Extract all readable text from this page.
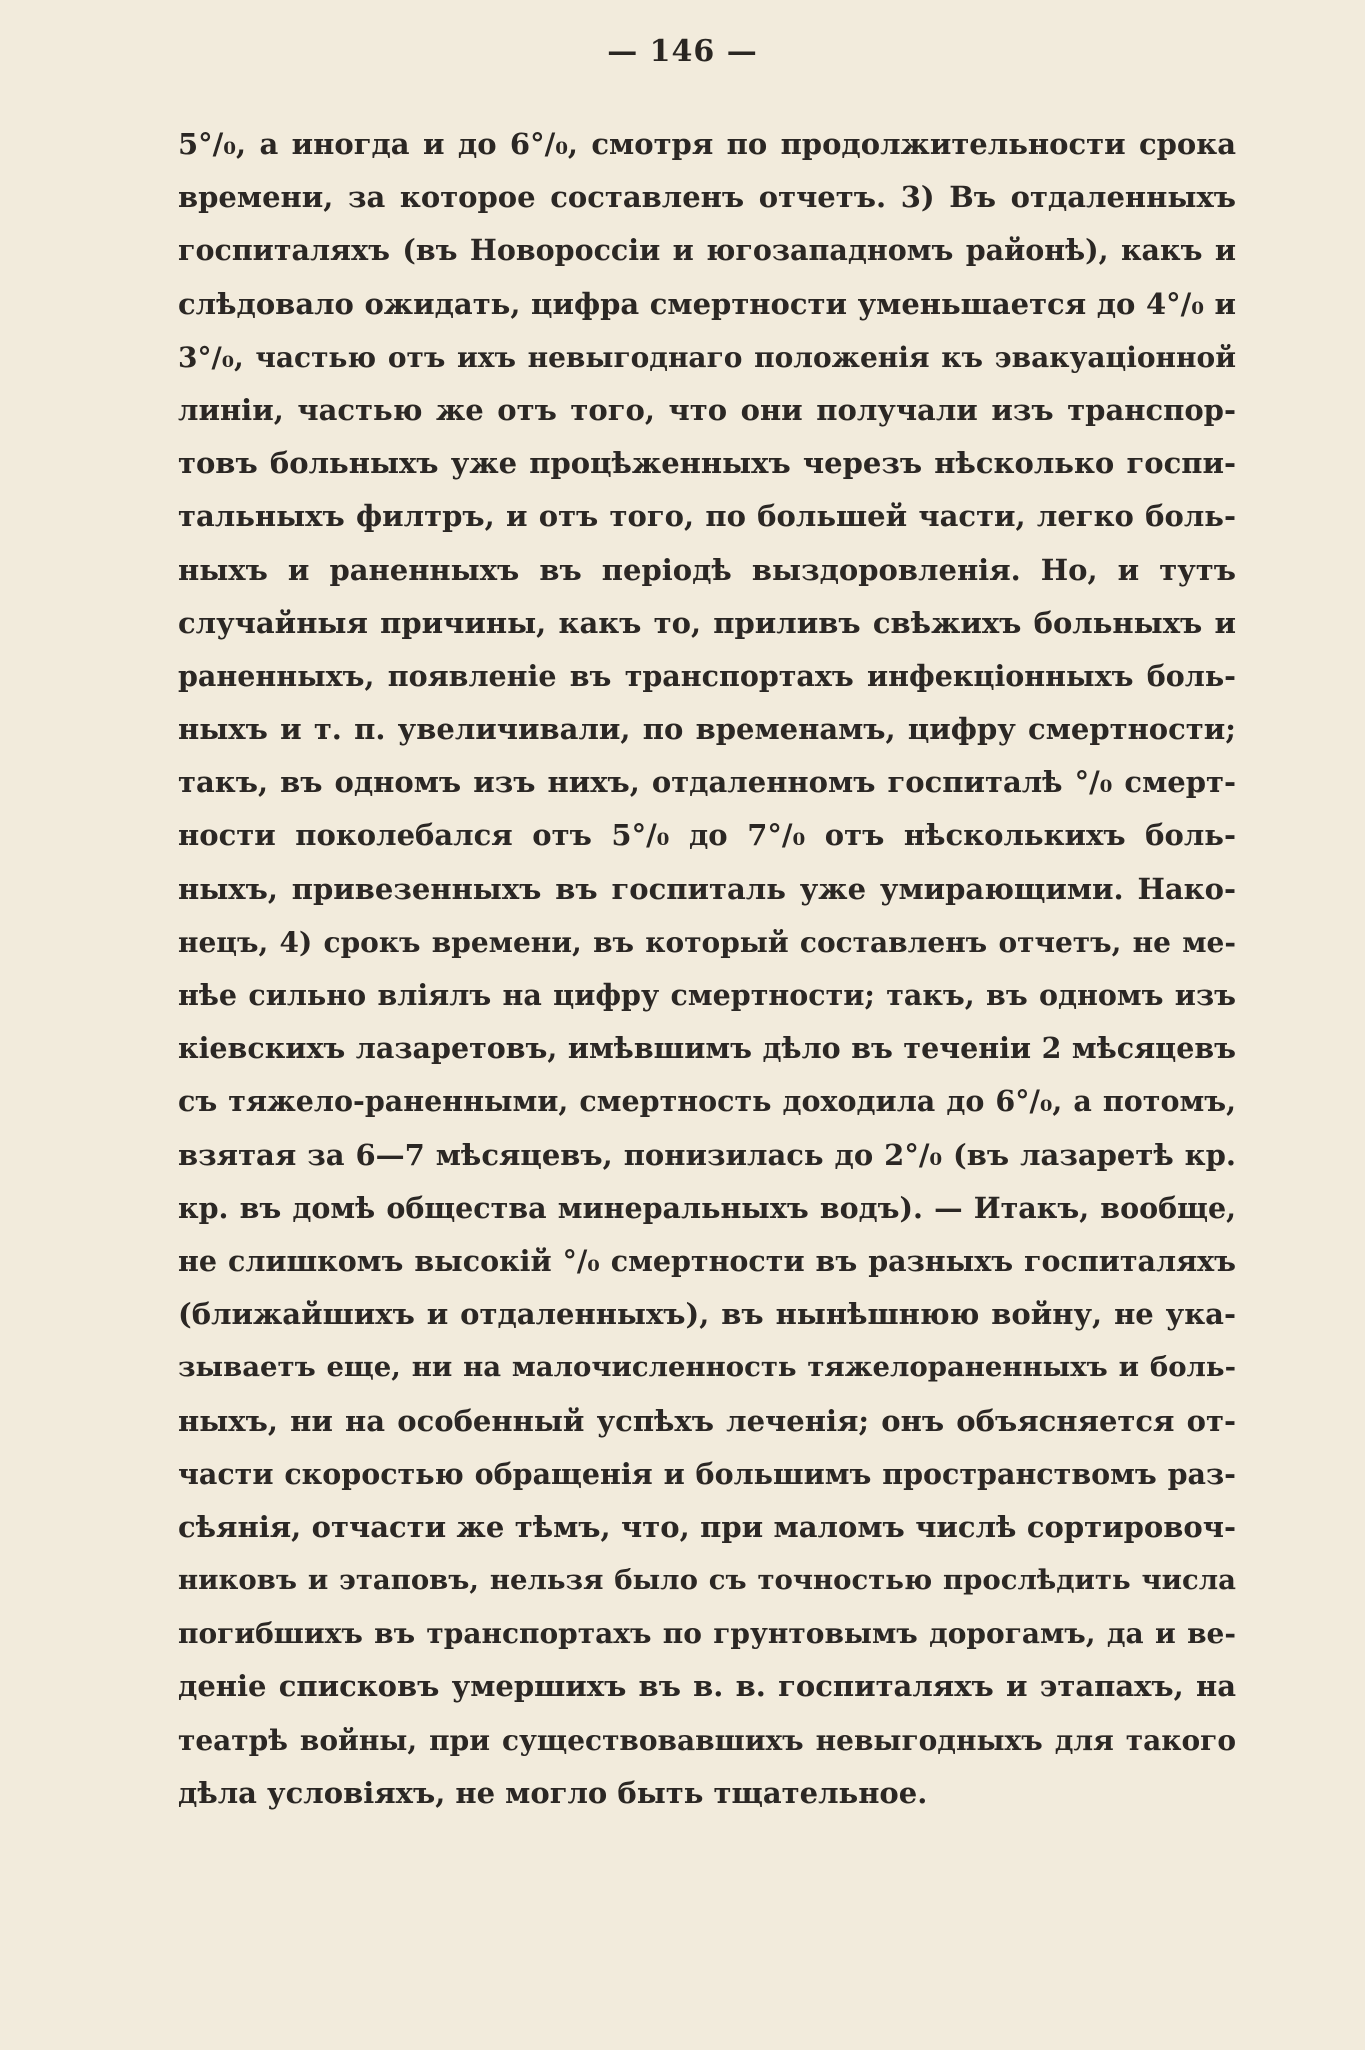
— 146 —
5°/₀, а иногда и до 6°/₀, смотря по продолжительности срока
времени, за которое составленъ отчетъ. 3) Въ отдаленныхъ
госпиталяхъ (въ Новороссiи и югозападномъ районѣ), какъ и
слѣдовало ожидать, цифра смертности уменьшается до 4°/₀ и
3°/₀, частью отъ ихъ невыгоднаго положенiя къ эвакуацiонной
линiи, частью же отъ того, что они получали изъ транспор-
товъ больныхъ уже процѣженныхъ черезъ нѣсколько госпи-
тальныхъ филтръ, и отъ того, по большей части, легко боль-
ныхъ и раненныхъ въ перiодѣ выздоровленiя. Но, и тутъ
случайныя причины, какъ то, приливъ свѣжихъ больныхъ и
раненныхъ, появленiе въ транспортахъ инфекцiонныхъ боль-
ныхъ и т. п. увеличивали, по временамъ, цифру смертности;
такъ, въ одномъ изъ нихъ, отдаленномъ госпиталѣ °/₀ смерт-
ности поколебался отъ 5°/₀ до 7°/₀ отъ нѣсколькихъ боль-
ныхъ, привезенныхъ въ госпиталь уже умирающими. Нако-
нецъ, 4) срокъ времени, въ который составленъ отчетъ, не ме-
нѣе сильно влiялъ на цифру смертности; такъ, въ одномъ изъ
кiевскихъ лазаретовъ, имѣвшимъ дѣло въ теченiи 2 мѣсяцевъ
съ тяжело-раненными, смертность доходила до 6°/₀, а потомъ,
взятая за 6—7 мѣсяцевъ, понизилась до 2°/₀ (въ лазаретѣ кр.
кр. въ домѣ общества минеральныхъ водъ). — Итакъ, вообще,
не слишкомъ высокiй °/₀ смертности въ разныхъ госпиталяхъ
(ближайшихъ и отдаленныхъ), въ нынѣшнюю войну, не ука-
зываетъ еще, ни на малочисленность тяжелораненныхъ и боль-
ныхъ, ни на особенный успѣхъ леченiя; онъ объясняется от-
части скоростью обращенiя и большимъ пространствомъ раз-
сѣянiя, отчасти же тѣмъ, что, при маломъ числѣ сортировоч-
никовъ и этаповъ, нельзя было съ точностью прослѣдить числа
погибшихъ въ транспортахъ по грунтовымъ дорогамъ, да и ве-
денiе списковъ умершихъ въ в. в. госпиталяхъ и этапахъ, на
театрѣ войны, при существовавшихъ невыгодныхъ для такого
дѣла условiяхъ, не могло быть тщательное.
